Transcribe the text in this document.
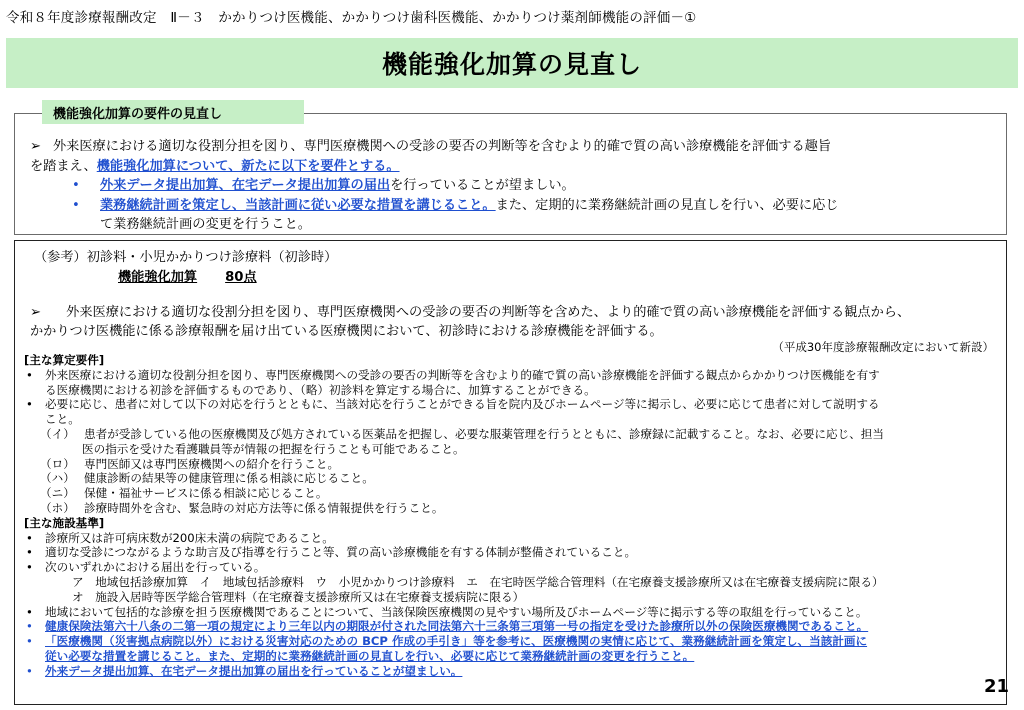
令和８年度診療報酬改定　Ⅱ－３　かかりつけ医機能、かかりつけ歯科医機能、かかりつけ薬剤師機能の評価－①
機能強化加算の見直し
機能強化加算の要件の見直し
➢ 外来医療における適切な役割分担を図り、専門医療機関への受診の要否の判断等を含むより的確で質の高い診療機能を評価する趣旨
を踏まえ、機能強化加算について、新たに以下を要件とする。
• 外来データ提出加算、在宅データ提出加算の届出を行っていることが望ましい。
• 業務継続計画を策定し、当該計画に従い必要な措置を講じること。また、定期的に業務継続計画の見直しを行い、必要に応じ
て業務継続計画の変更を行うこと。
（参考）初診料・小児かかりつけ診療料（初診時）
機能強化加算 80点
➢ 　外来医療における適切な役割分担を図り、専門医療機関への受診の要否の判断等を含めた、より的確で質の高い診療機能を評価する観点から、
かかりつけ医機能に係る診療報酬を届け出ている医療機関において、初診時における診療機能を評価する。
（平成30年度診療報酬改定において新設）
[主な算定要件]
• 外来医療における適切な役割分担を図り、専門医療機関への受診の要否の判断等を含むより的確で質の高い診療機能を評価する観点からかかりつけ医機能を有す
る医療機関における初診を評価するものであり、（略）初診料を算定する場合に、加算することができる。
• 必要に応じ、患者に対して以下の対応を行うとともに、当該対応を行うことができる旨を院内及びホームページ等に掲示し、必要に応じて患者に対して説明する
こと。
（イ） 患者が受診している他の医療機関及び処方されている医薬品を把握し、必要な服薬管理を行うとともに、診療録に記載すること。なお、必要に応じ、担当
医の指示を受けた看護職員等が情報の把握を行うことも可能であること。
（ロ） 専門医師又は専門医療機関への紹介を行うこと。
（ハ） 健康診断の結果等の健康管理に係る相談に応じること。
（ニ） 保健・福祉サービスに係る相談に応じること。
（ホ） 診療時間外を含む、緊急時の対応方法等に係る情報提供を行うこと。
[主な施設基準]
• 診療所又は許可病床数が200床未満の病院であること。
• 適切な受診につながるような助言及び指導を行うこと等、質の高い診療機能を有する体制が整備されていること。
• 次のいずれかにおける届出を行っている。
ア　地域包括診療加算　イ　地域包括診療料　ウ　小児かかりつけ診療料　エ　在宅時医学総合管理料（在宅療養支援診療所又は在宅療養支援病院に限る）
オ　施設入居時等医学総合管理料（在宅療養支援診療所又は在宅療養支援病院に限る）
• 地域において包括的な診療を担う医療機関であることについて、当該保険医療機関の見やすい場所及びホームページ等に掲示する等の取組を行っていること。
• 健康保険法第六十八条の二第一項の規定により三年以内の期限が付された同法第六十三条第三項第一号の指定を受けた診療所以外の保険医療機関であること。
• 「医療機関（災害拠点病院以外）における災害対応のための BCP 作成の手引き」等を参考に、医療機関の実情に応じて、業務継続計画を策定し、当該計画に
従い必要な措置を講じること。また、定期的に業務継続計画の見直しを行い、必要に応じて業務継続計画の変更を行うこと。
• 外来データ提出加算、在宅データ提出加算の届出を行っていることが望ましい。
21
